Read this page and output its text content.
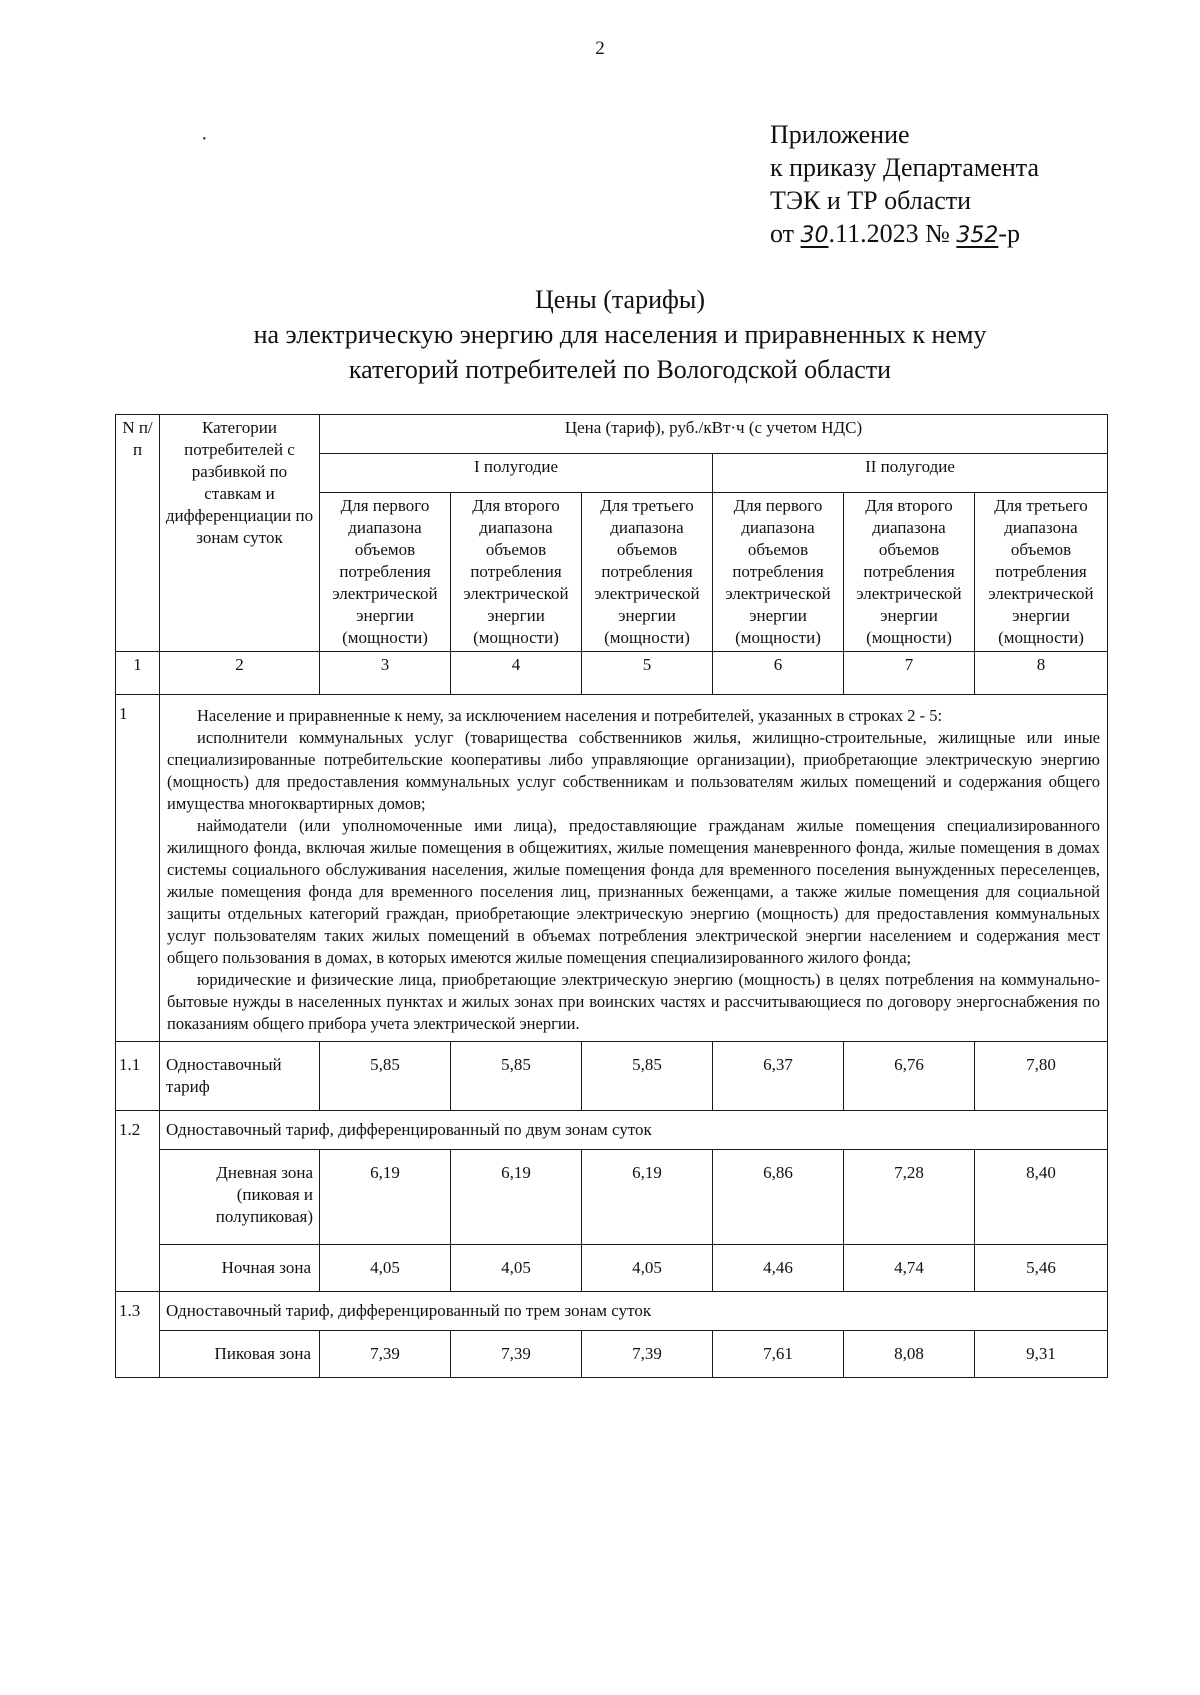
2
·	Приложение
к приказу Департамента
ТЭК и ТР области
от 30.11.2023 № 352-р
Цены (тарифы)
на электрическую энергию для населения и приравненных к нему
категорий потребителей по Вологодской области
N п/п	Категории потребителей с разбивкой по ставкам и дифференциации по зонам суток	Цена (тариф), руб./кВт·ч (с учетом НДС)					
		I полугодие			II полугодие		
		Для первого диапазона объемов потребления электрической энергии (мощности)	Для второго диапазона объемов потребления электрической энергии (мощности)	Для третьего диапазона объемов потребления электрической энергии (мощности)	Для первого диапазона объемов потребления электрической энергии (мощности)	Для второго диапазона объемов потребления электрической энергии (мощности)	Для третьего диапазона объемов потребления электрической энергии (мощности)
1	2	3	4	5	6	7	8
1	Население и приравненные к нему, за исключением населения и потребителей, указанных в строках 2 - 5:

исполнители коммунальных услуг (товарищества собственников жилья, жилищно-строительные, жилищные или иные специализированные потребительские кооперативы либо управляющие организации), приобретающие электрическую энергию (мощность) для предоставления коммунальных услуг собственникам и пользователям жилых помещений и содержания общего имущества многоквартирных домов;

наймодатели (или уполномоченные ими лица), предоставляющие гражданам жилые помещения специализированного жилищного фонда, включая жилые помещения в общежитиях, жилые помещения маневренного фонда, жилые помещения в домах системы социального обслуживания населения, жилые помещения фонда для временного поселения вынужденных переселенцев, жилые помещения фонда для временного поселения лиц, признанных беженцами, а также жилые помещения для социальной защиты отдельных категорий граждан, приобретающие электрическую энергию (мощность) для предоставления коммунальных услуг пользователям таких жилых помещений в объемах потребления электрической энергии населением и содержания мест общего пользования в домах, в которых имеются жилые помещения специализированного жилого фонда;

юридические и физические лица, приобретающие электрическую энергию (мощность) в целях потребления на коммунально-бытовые нужды в населенных пунктах и жилых зонах при воинских частях и рассчитывающиеся по договору энергоснабжения по показаниям общего прибора учета электрической энергии.						

1.1	Одноставочный тариф	5,85	5,85	5,85	6,37	6,76	7,80
1.2	Одноставочный тариф, дифференцированный по двум зонам суток						

	Дневная зона (пиковая и полупиковая)	6,19	6,19	6,19	6,86	7,28	8,40
	Ночная зона	4,05	4,05	4,05	4,46	4,74	5,46
1.3	Одноставочный тариф, дифференцированный по трем зонам суток						
	Пиковая зона	7,39	7,39	7,39	7,61	8,08	9,31
